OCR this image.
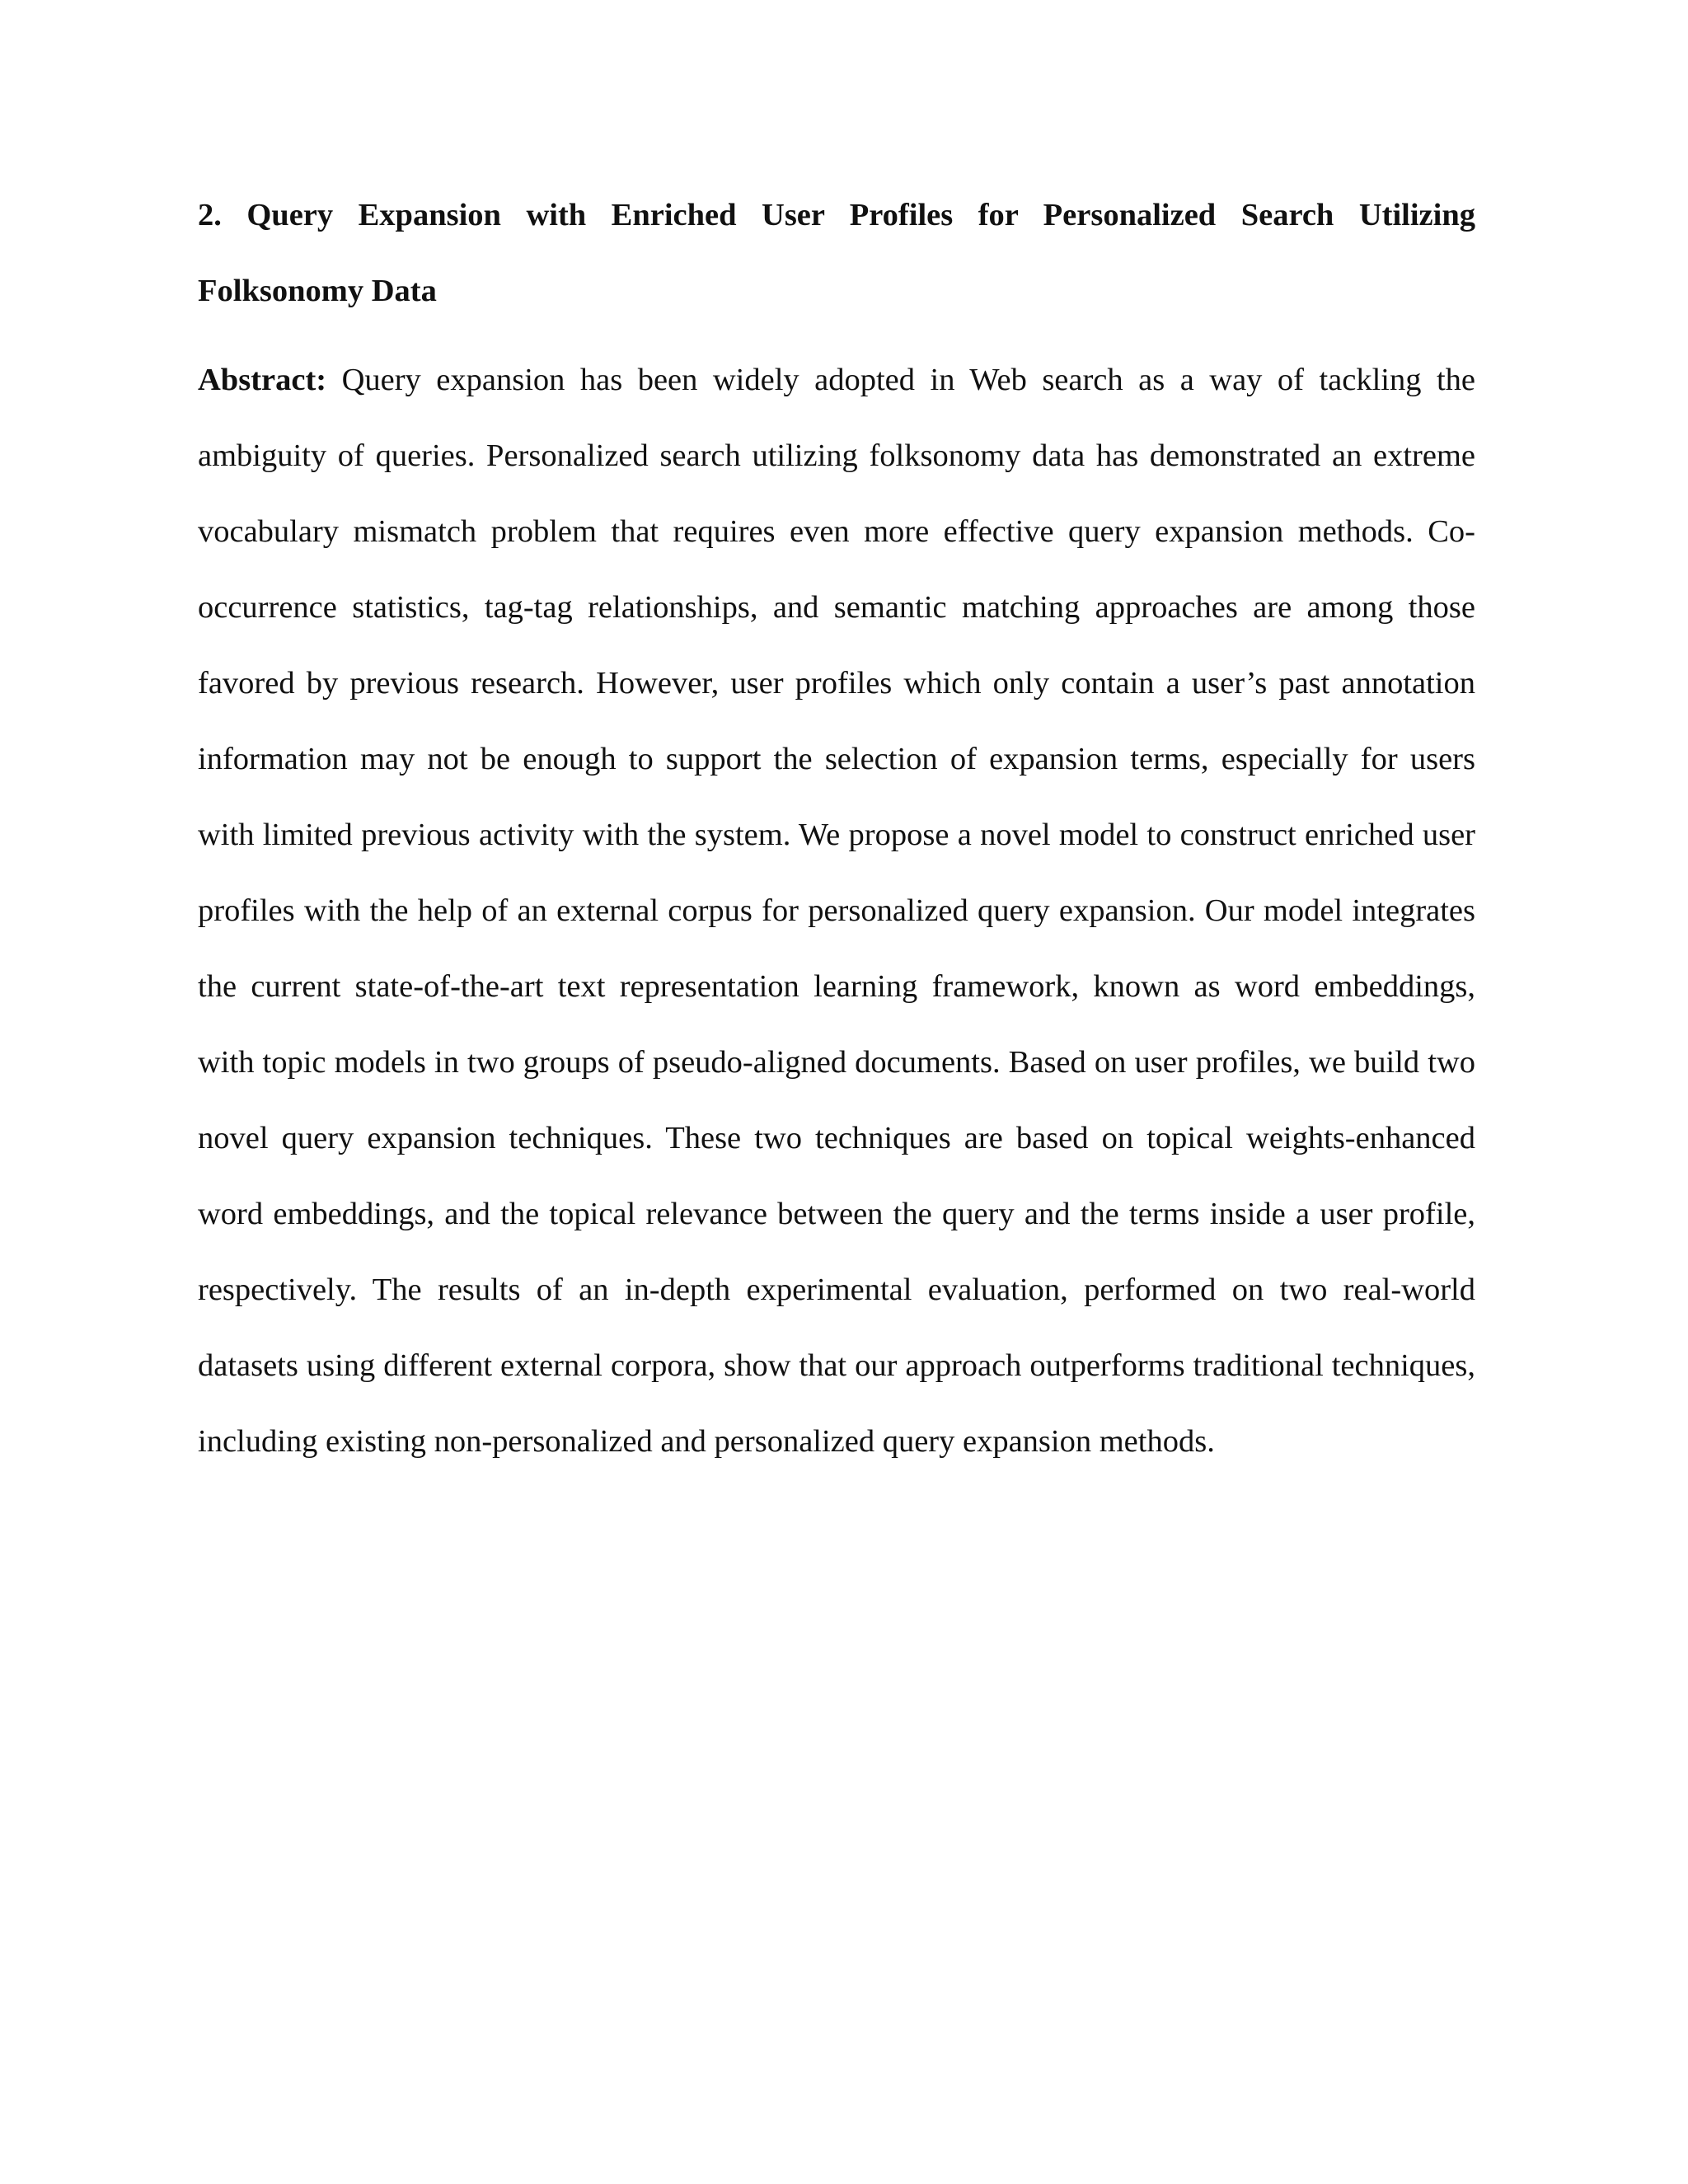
2. Query Expansion with Enriched User Profiles for Personalized Search Utilizing Folksonomy Data

Abstract: Query expansion has been widely adopted in Web search as a way of tackling the ambiguity of queries. Personalized search utilizing folksonomy data has demonstrated an extreme vocabulary mismatch problem that requires even more effective query expansion methods. Co-occurrence statistics, tag-tag relationships, and semantic matching approaches are among those favored by previous research. However, user profiles which only contain a user’s past annotation information may not be enough to support the selection of expansion terms, especially for users with limited previous activity with the system. We propose a novel model to construct enriched user profiles with the help of an external corpus for personalized query expansion. Our model integrates the current state-of-the-art text representation learning framework, known as word embeddings, with topic models in two groups of pseudo-aligned documents. Based on user profiles, we build two novel query expansion techniques. These two techniques are based on topical weights-enhanced word embeddings, and the topical relevance between the query and the terms inside a user profile, respectively. The results of an in-depth experimental evaluation, performed on two real-world datasets using different external corpora, show that our approach outperforms traditional techniques, including existing non-personalized and personalized query expansion methods.
